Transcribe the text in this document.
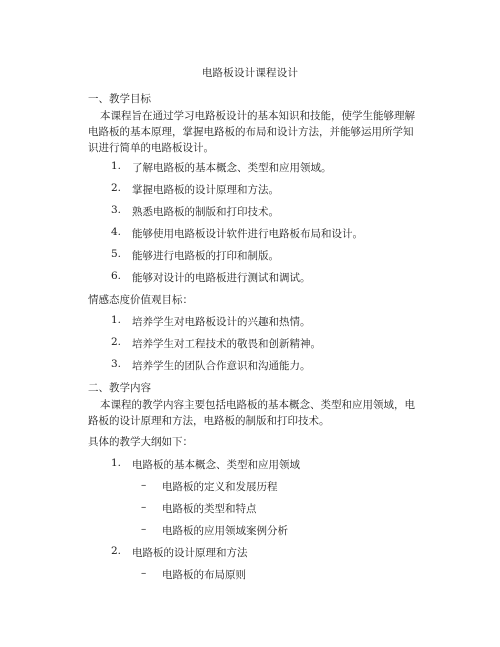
电路板设计课程设计
一、教学目标

本课程旨在通过学习电路板设计的基本知识和技能，使学生能够理解电路板的基本原理，掌握电路板的布局和设计方法，并能够运用所学知识进行简单的电路板设计。

1. 了解电路板的基本概念、类型和应用领域。
2. 掌握电路板的设计原理和方法。
3. 熟悉电路板的制版和打印技术。
4. 能够使用电路板设计软件进行电路板布局和设计。
5. 能够进行电路板的打印和制版。
6. 能够对设计的电路板进行测试和调试。
情感态度价值观目标：
1. 培养学生对电路板设计的兴趣和热情。
2. 培养学生对工程技术的敬畏和创新精神。
3. 培养学生的团队合作意识和沟通能力。
二、教学内容

本课程的教学内容主要包括电路板的基本概念、类型和应用领域，电路板的设计原理和方法，电路板的制版和打印技术。

具体的教学大纲如下：
1. 电路板的基本概念、类型和应用领域
– 电路板的定义和发展历程
– 电路板的类型和特点
– 电路板的应用领域案例分析
2. 电路板的设计原理和方法
– 电路板的布局原则
